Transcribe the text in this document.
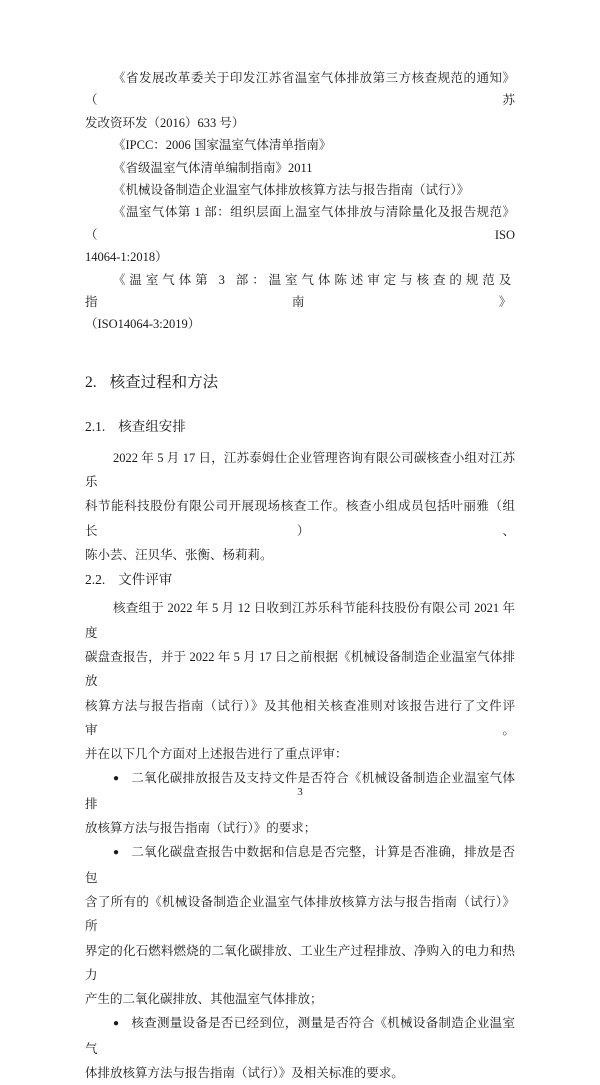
《省发展改革委关于印发江苏省温室气体排放第三方核查规范的通知》（苏
发改资环发（2016）633 号）
《IPCC：2006 国家温室气体清单指南》
《省级温室气体清单编制指南》2011
《机械设备制造企业温室气体排放核算方法与报告指南（试行）》
《温室气体第 1 部：组织层面上温室气体排放与清除量化及报告规范》（ISO
14064-1:2018）
《温室气体第 3 部：温室气体陈述审定与核查的规范及指南》
（ISO14064-3:2019）
2. 核查过程和方法
2.1. 核查组安排
2022 年 5 月 17 日，江苏泰姆仕企业管理咨询有限公司碳核查小组对江苏乐
科节能科技股份有限公司开展现场核查工作。核查小组成员包括叶丽雅（组长）、
陈小芸、汪贝华、张衡、杨莉莉。
2.2. 文件评审
核查组于 2022 年 5 月 12 日收到江苏乐科节能科技股份有限公司 2021 年度
碳盘查报告，并于 2022 年 5 月 17 日之前根据《机械设备制造企业温室气体排放
核算方法与报告指南（试行）》及其他相关核查准则对该报告进行了文件评审。
并在以下几个方面对上述报告进行了重点评审：
● 二氧化碳排放报告及支持文件是否符合《机械设备制造企业温室气体排
放核算方法与报告指南（试行）》的要求；
● 二氧化碳盘查报告中数据和信息是否完整，计算是否准确，排放是否包
含了所有的《机械设备制造企业温室气体排放核算方法与报告指南（试行）》所
界定的化石燃料燃烧的二氧化碳排放、工业生产过程排放、净购入的电力和热力
产生的二氧化碳排放、其他温室气体排放；
● 核查测量设备是否已经到位，测量是否符合《机械设备制造企业温室气
体排放核算方法与报告指南（试行）》及相关标准的要求。
3
